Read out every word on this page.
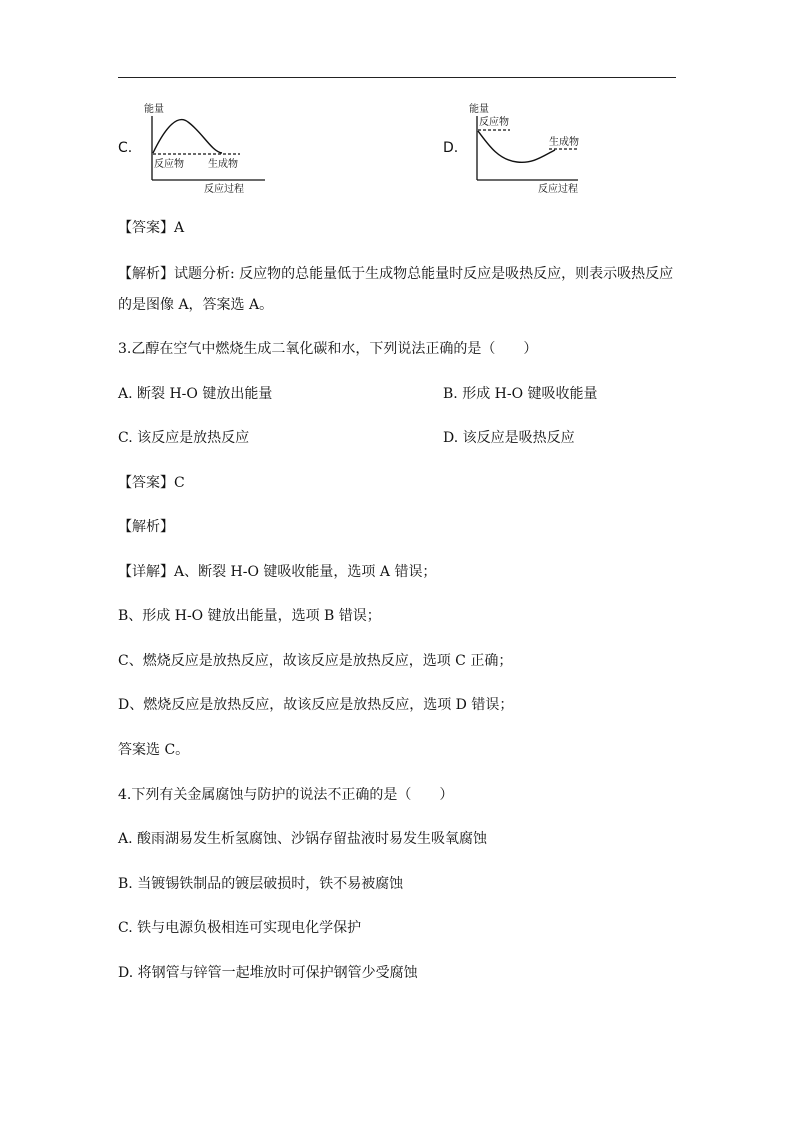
C.
能量
反应物 生成物
反应过程
D.
能量
反应物
生成物
反应过程
【答案】A
【解析】试题分析: 反应物的总能量低于生成物总能量时反应是吸热反应，则表示吸热反应
的是图像 A，答案选 A。
3.乙醇在空气中燃烧生成二氧化碳和水，下列说法正确的是（　　）
A. 断裂 H-O 键放出能量	B. 形成 H-O 键吸收能量
C. 该反应是放热反应	D. 该反应是吸热反应
【答案】C
【解析】
【详解】A、断裂 H-O 键吸收能量，选项 A 错误；
B、形成 H-O 键放出能量，选项 B 错误；
C、燃烧反应是放热反应，故该反应是放热反应，选项 C 正确；
D、燃烧反应是放热反应，故该反应是放热反应，选项 D 错误；
答案选 C。
4.下列有关金属腐蚀与防护的说法不正确的是（　　）
A. 酸雨湖易发生析氢腐蚀、沙锅存留盐液时易发生吸氧腐蚀
B. 当镀锡铁制品的镀层破损时，铁不易被腐蚀
C. 铁与电源负极相连可实现电化学保护
D. 将钢管与锌管一起堆放时可保护钢管少受腐蚀
